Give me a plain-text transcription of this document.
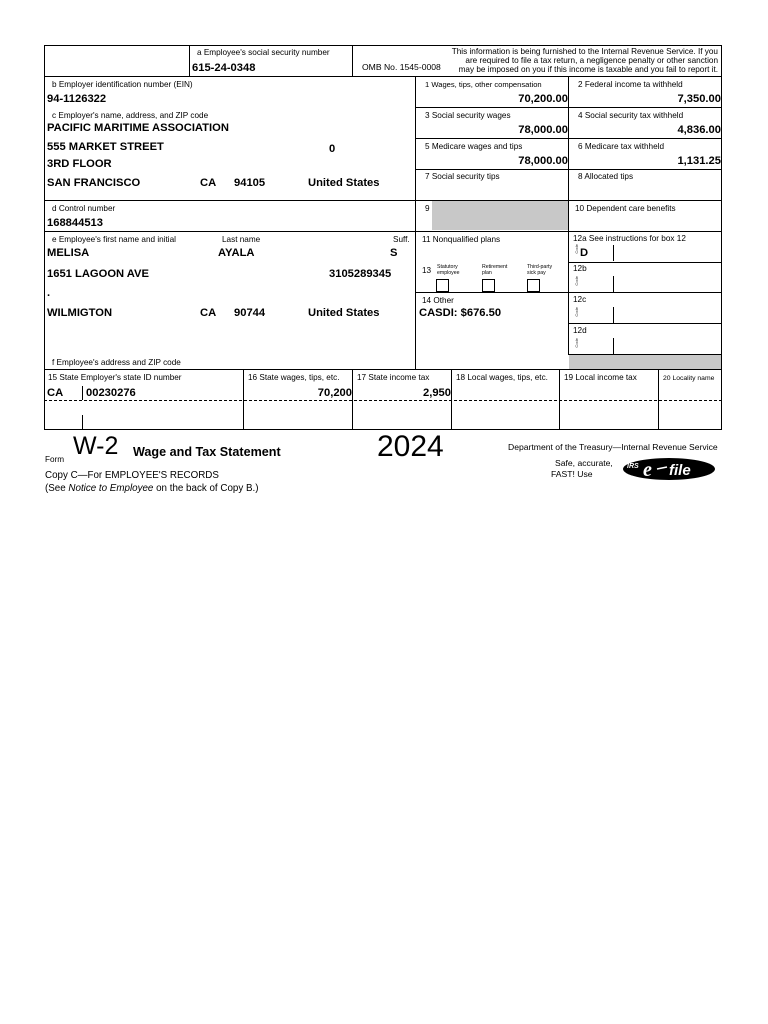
a Employee's social security number
615-24-0348	OMB No. 1545-0008
This information is being furnished to the Internal Revenue Service. If you
are required to file a tax return, a negligence penalty or other sanction
may be imposed on you if this income is taxable and you fail to report it.
b Employer identification number (EIN)
94-1126322
c Employer's name, address, and ZIP code
PACIFIC MARITIME ASSOCIATION
555 MARKET STREET	0
3RD FLOOR
SAN FRANCISCO	CA 94105	United States
d Control number
168844513
e Employee's first name and initial	Last name	Suff.
MELISA	AYALA	S
1651 LAGOON AVE	3105289345
.
WILMIGTON	CA 90744	United States
f Employee's address and ZIP code
1 Wages, tips, other compensation
70,200.00
2 Federal income ta withheld
7,350.00
3 Social security wages
78,000.00
4 Social security tax withheld
4,836.00
5 Medicare wages and tips
78,000.00
6 Medicare tax withheld
1,131.25
7 Social security tips	8 Allocated tips
9	10 Dependent care benefits
11 Nonqualified plans	12a See instructions for box 12
Code D
13 Statutory
employee
Retirement
plan
Third-party
sick pay	12b
Code
12c
Code
12d
Code
14 Other
CASDI: $676.50
15 State Employer's state ID number
CA 00230276
16 State wages, tips, etc.
70,200
17 State income tax
2,950
18 Local wages, tips, etc. 19 Local income tax	20 Locality name
Form W-2 Wage and Tax Statement	2024	Department of the Treasury—Internal Revenue Service
Safe, accurate,
FAST! Use
IRS e file
Copy C—For EMPLOYEE'S RECORDS
(See Notice to Employee on the back of Copy B.)
